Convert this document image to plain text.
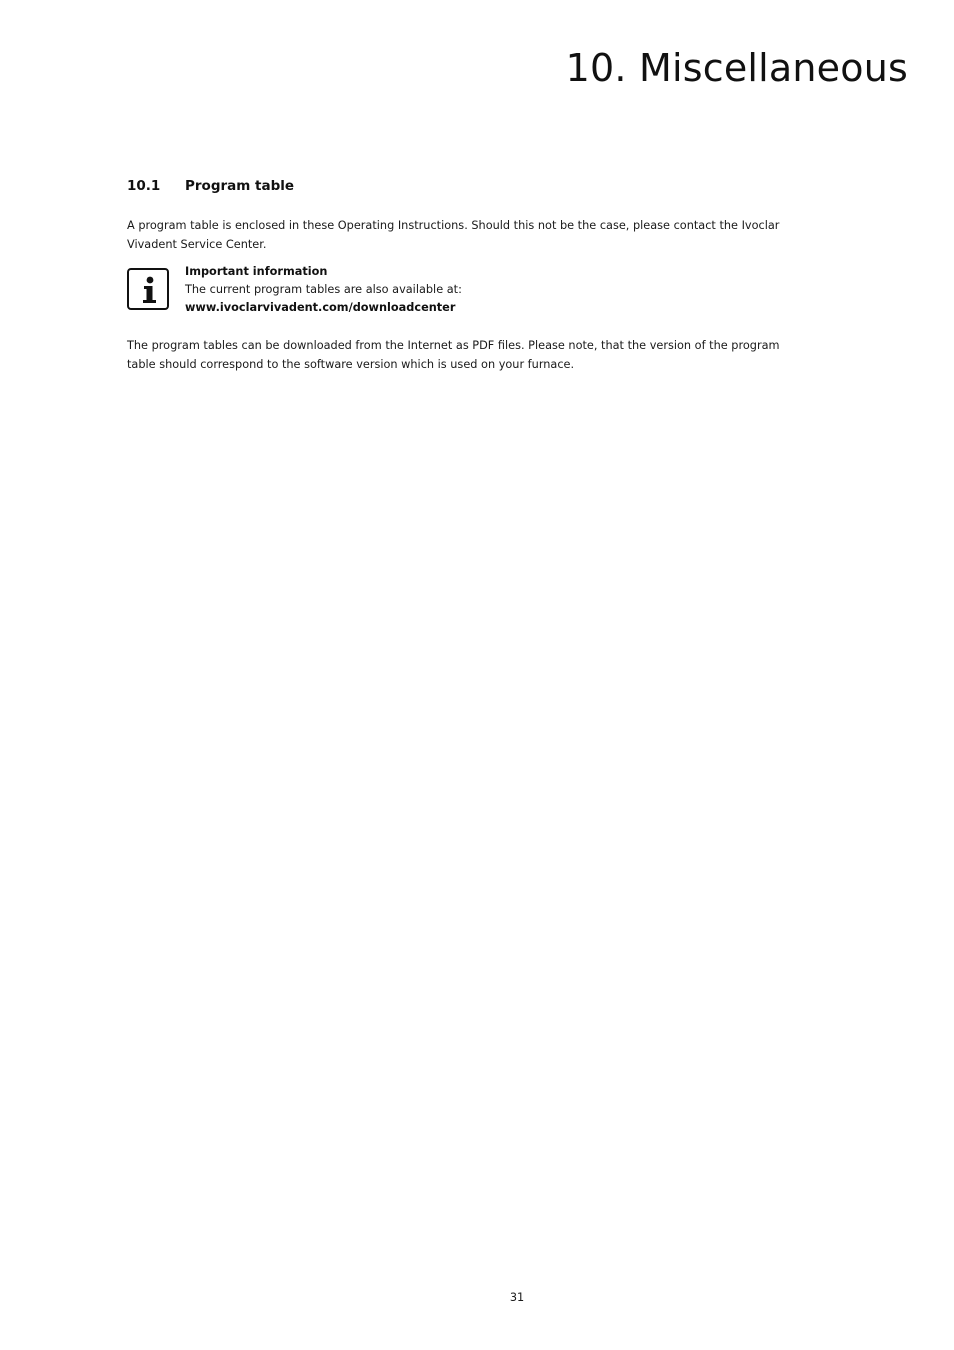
10. Miscellaneous
10.1 Program table

A program table is enclosed in these Operating Instructions. Should this not be the case, please contact the Ivoclar Vivadent Service Center.

Important information
The current program tables are also available at:
www.ivoclarvivadent.com/downloadcenter

The program tables can be downloaded from the Internet as PDF files. Please note, that the version of the program table should correspond to the software version which is used on your furnace.

31
